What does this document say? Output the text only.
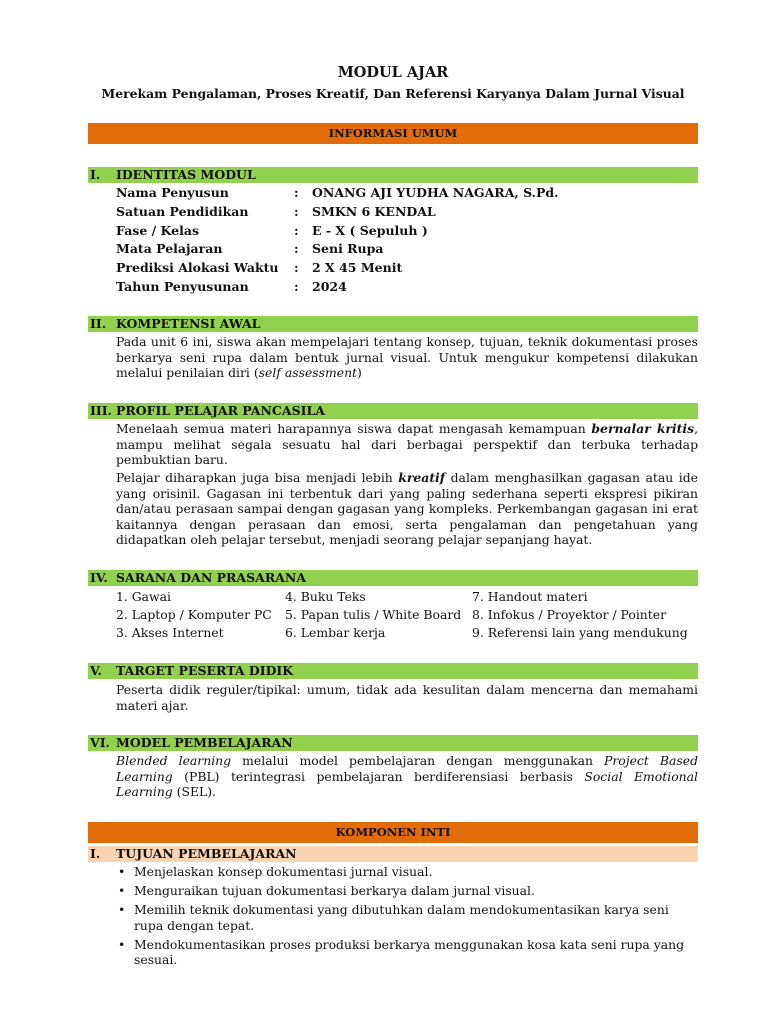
MODUL AJAR
Merekam Pengalaman, Proses Kreatif, Dan Referensi Karyanya Dalam Jurnal Visual
INFORMASI UMUM
I. IDENTITAS MODUL
Nama Penyusun	: ONANG AJI YUDHA NAGARA, S.Pd.
Satuan Pendidikan	: SMKN 6 KENDAL
Fase / Kelas	: E - X ( Sepuluh )
Mata Pelajaran	: Seni Rupa
Prediksi Alokasi Waktu : 2 X 45 Menit
Tahun Penyusunan	: 2024
II. KOMPETENSI AWAL
Pada unit 6 ini, siswa akan mempelajari tentang konsep, tujuan, teknik dokumentasi proses berkarya seni rupa dalam bentuk jurnal visual. Untuk mengukur kompetensi dilakukan melalui penilaian diri (self assessment)
III. PROFIL PELAJAR PANCASILA
Menelaah semua materi harapannya siswa dapat mengasah kemampuan bernalar kritis, mampu melihat segala sesuatu hal dari berbagai perspektif dan terbuka terhadap pembuktian baru.
Pelajar diharapkan juga bisa menjadi lebih kreatif dalam menghasilkan gagasan atau ide yang orisinil. Gagasan ini terbentuk dari yang paling sederhana seperti ekspresi pikiran dan/atau perasaan sampai dengan gagasan yang kompleks. Perkembangan gagasan ini erat kaitannya dengan perasaan dan emosi, serta pengalaman dan pengetahuan yang didapatkan oleh pelajar tersebut, menjadi seorang pelajar sepanjang hayat.
IV. SARANA DAN PRASARANA
1. Gawai	4. Buku Teks	7. Handout materi
2. Laptop / Komputer PC 5. Papan tulis / White Board 8. Infokus / Proyektor / Pointer
3. Akses Internet	6. Lembar kerja	9. Referensi lain yang mendukung
V. TARGET PESERTA DIDIK
Peserta didik reguler/tipikal: umum, tidak ada kesulitan dalam mencerna dan memahami materi ajar.
VI. MODEL PEMBELAJARAN
Blended learning melalui model pembelajaran dengan menggunakan Project Based Learning (PBL) terintegrasi pembelajaran berdiferensiasi berbasis Social Emotional Learning (SEL).
KOMPONEN INTI
I. TUJUAN PEMBELAJARAN
• Menjelaskan konsep dokumentasi jurnal visual.
• Menguraikan tujuan dokumentasi berkarya dalam jurnal visual.
• Memilih teknik dokumentasi yang dibutuhkan dalam mendokumentasikan karya seni rupa dengan tepat.
• Mendokumentasikan proses produksi berkarya menggunakan kosa kata seni rupa yang sesuai.
